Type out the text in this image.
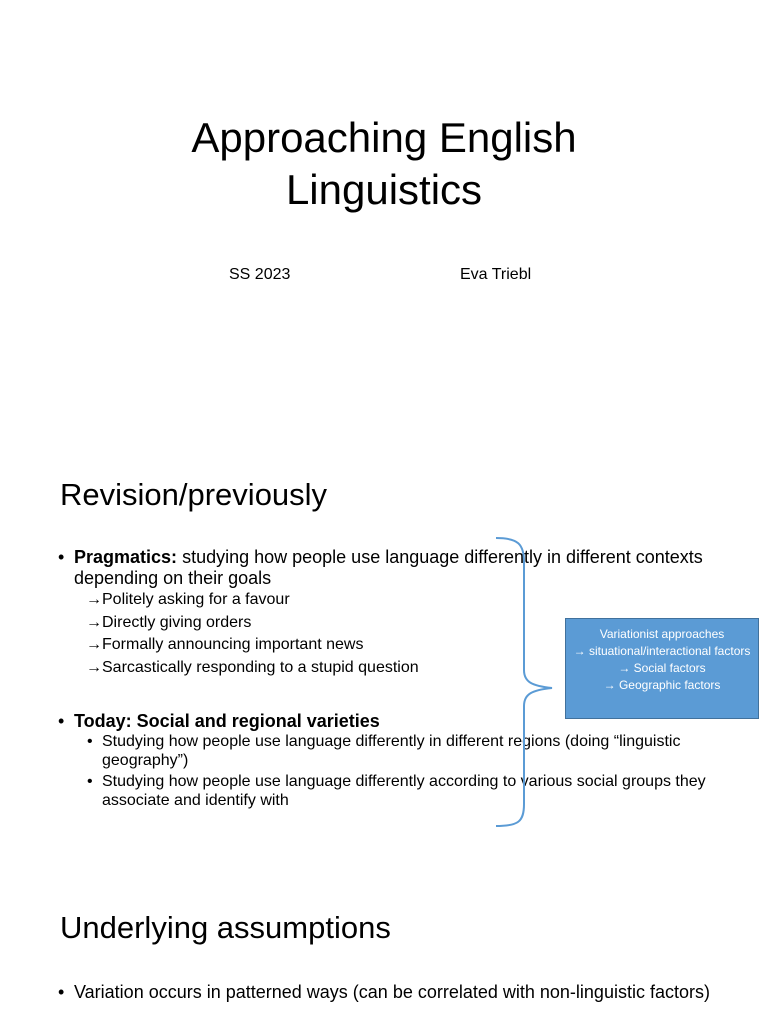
Approaching English
Linguistics
SS 2023	Eva Triebl
Revision/previously
• Pragmatics: studying how people use language differently in different contexts depending on their goals
→Politely asking for a favour
→Directly giving orders
→Formally announcing important news
→Sarcastically responding to a stupid question
• Today: Social and regional varieties
• Studying how people use language differently in different regions (doing “linguistic geography”)
• Studying how people use language differently according to various social groups they associate and identify with
Variationist approaches
→ situational/interactional factors
→ Social factors
→ Geographic factors
Underlying assumptions
• Variation occurs in patterned ways (can be correlated with non-linguistic factors)
